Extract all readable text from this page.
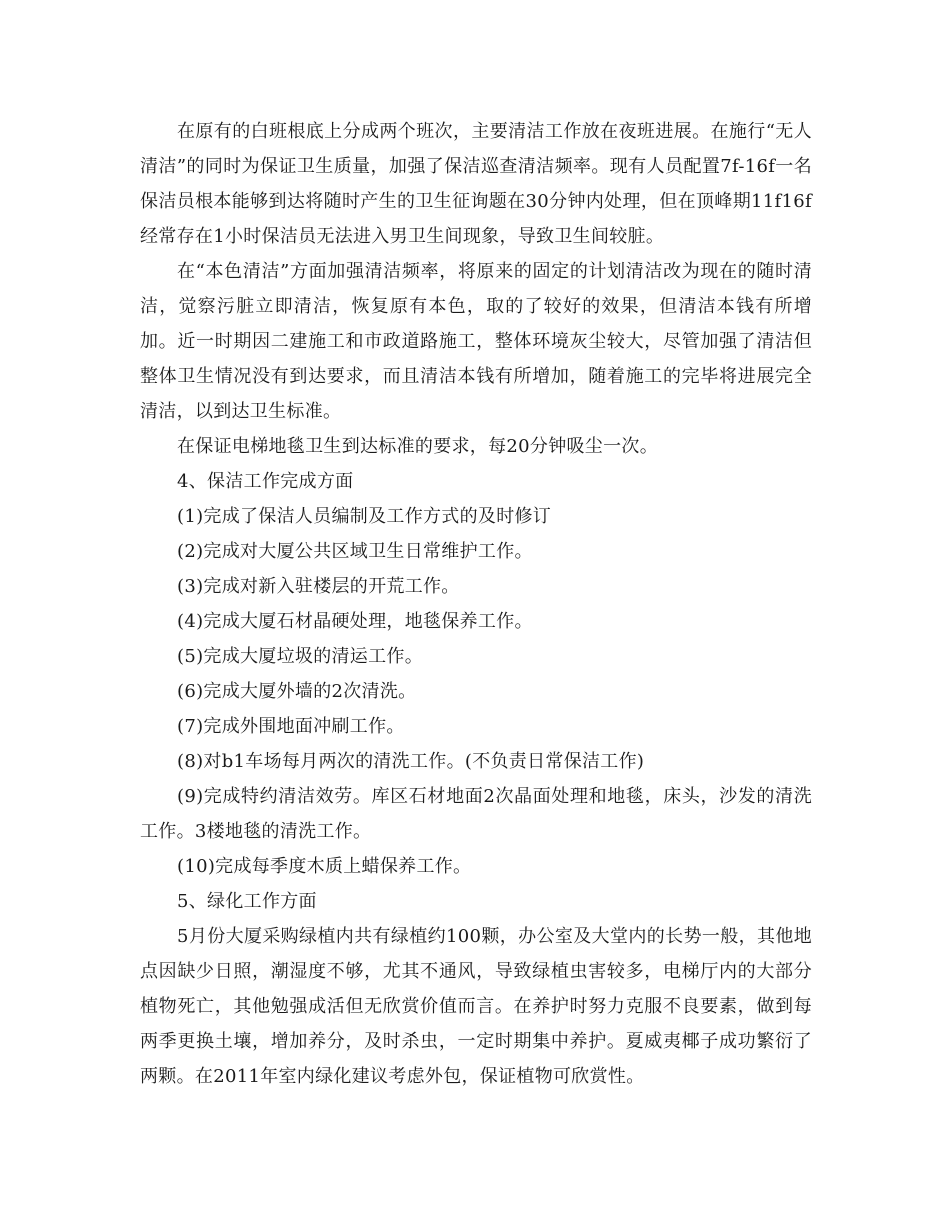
在原有的白班根底上分成两个班次，主要清洁工作放在夜班进展。在施行“无人清洁”的同时为保证卫生质量，加强了保洁巡查清洁频率。现有人员配置7f-16f一名保洁员根本能够到达将随时产生的卫生征询题在30分钟内处理，但在顶峰期11f16f经常存在1小时保洁员无法进入男卫生间现象，导致卫生间较脏。

在“本色清洁”方面加强清洁频率，将原来的固定的计划清洁改为现在的随时清洁，觉察污脏立即清洁，恢复原有本色，取的了较好的效果，但清洁本钱有所增加。近一时期因二建施工和市政道路施工，整体环境灰尘较大，尽管加强了清洁但整体卫生情况没有到达要求，而且清洁本钱有所增加，随着施工的完毕将进展完全清洁，以到达卫生标准。

在保证电梯地毯卫生到达标准的要求，每20分钟吸尘一次。

4、保洁工作完成方面

(1)完成了保洁人员编制及工作方式的及时修订

(2)完成对大厦公共区域卫生日常维护工作。

(3)完成对新入驻楼层的开荒工作。

(4)完成大厦石材晶硬处理，地毯保养工作。

(5)完成大厦垃圾的清运工作。

(6)完成大厦外墙的2次清洗。

(7)完成外围地面冲刷工作。

(8)对b1车场每月两次的清洗工作。(不负责日常保洁工作)

(9)完成特约清洁效劳。库区石材地面2次晶面处理和地毯，床头，沙发的清洗工作。3楼地毯的清洗工作。

(10)完成每季度木质上蜡保养工作。

5、绿化工作方面

5月份大厦采购绿植内共有绿植约100颗，办公室及大堂内的长势一般，其他地点因缺少日照，潮湿度不够，尤其不通风，导致绿植虫害较多，电梯厅内的大部分植物死亡，其他勉强成活但无欣赏价值而言。在养护时努力克服不良要素，做到每两季更换土壤，增加养分，及时杀虫，一定时期集中养护。夏威夷椰子成功繁衍了两颗。在2011年室内绿化建议考虑外包，保证植物可欣赏性。
